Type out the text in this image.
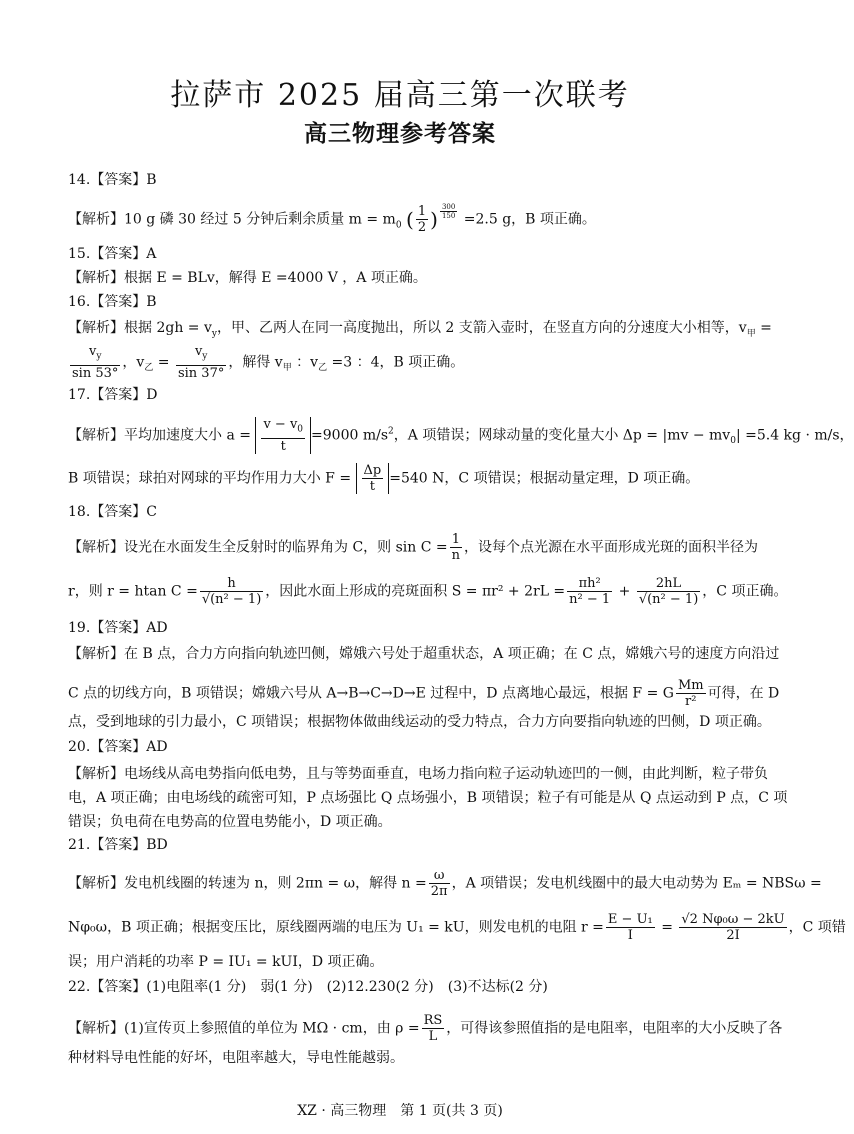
拉萨市 2025 届高三第一次联考
高三物理参考答案
14.【答案】B
【解析】10 g 磷 30 经过 5 分钟后剩余质量 $m = m_0$ ( $\frac{1}{2}$ ) $\frac{300}{150} =2.5$ g，B 项正确。
15.【答案】A
【解析】根据 E = BLv，解得 E =4000 V ，A 项正确。
16.【答案】B
【解析】根据 $2gh = v_y$，甲、乙两人在同一高度抛出，所以 2 支箭入壶时，在竖直方向的分速度大小相等，$v_甲$ =
$\frac{v_y}{\sin 53^\circ}$ ，$v_乙 = \frac{v_y}{\sin 37^\circ}$ ，解得 $v_甲$ ：$v_乙 =3$ ：4，B 项正确。
17.【答案】D
【解析】平均加速度大小 $a = \frac{v - v_0}{t} =9000$ $m/s^2$，A 项错误；网球动量的变化量大小 $\Delta p = |mv - mv_0| =5.4$ kg · m/s，
B 项错误；球拍对网球的平均作用力大小 $F = \frac{\Delta p}{t} =540$ N，C 项错误；根据动量定理，D 项正确。
18.【答案】C
【解析】设光在水面发生全反射时的临界角为 C，则 $\sin C = \frac{1}{n}$ ，设每个点光源在水平面形成光斑的面积半径为
r，则 r = htan $C = \frac{h}{\text{√(n² − 1)}}$ ，因此水面上形成的亮斑面积 $S = \pi r^2 + 2rL = \frac{\text{πh²}}{\text{n² − 1}} + \frac{2hL}{\text{√(n² − 1)}}$ ，C 项正确。
19.【答案】AD
【解析】在 B 点，合力方向指向轨迹凹侧，嫦娥六号处于超重状态，A 项正确；在 C 点，嫦娥六号的速度方向沿过
C 点的切线方向，B 项错误；嫦娥六号从 A→B→C→D→E 过程中，D 点离地心最远，根据 F = G $\frac{Mm}{\text{r²}}$ 可得，在 D
点，受到地球的引力最小，C 项错误；根据物体做曲线运动的受力特点，合力方向要指向轨迹的凹侧，D 项正确。
20.【答案】AD
【解析】电场线从高电势指向低电势，且与等势面垂直，电场力指向粒子运动轨迹凹的一侧，由此判断，粒子带负
电，A 项正确；由电场线的疏密可知，P 点场强比 Q 点场强小，B 项错误；粒子有可能是从 Q 点运动到 P 点，C 项
错误；负电荷在电势高的位置电势能小，D 项正确。
21.【答案】BD
【解析】发电机线圈的转速为 n，则 2πn = ω，解得 $n = \frac{\omega}{2\pi}$ ，A 项错误；发电机线圈中的最大电动势为 Eₘ = NBSω =
Nφ₀ω，B 项正确；根据变压比，原线圈两端的电压为 U₁ = kU，则发电机的电阻 $r = \frac{\text{E − U₁}}{I} = \frac{\text{√2 Nφ₀ω − 2kU}}{2I}$ ，C 项错
误；用户消耗的功率 P = IU₁ = kUI，D 项正确。
22.【答案】(1)电阻率(1 分)　弱(1 分)　(2)12.230(2 分)　(3)不达标(2 分)
【解析】(1)宣传页上参照值的单位为 MΩ · cm，由 $\rho = \frac{RS}{L}$ ，可得该参照值指的是电阻率，电阻率的大小反映了各
种材料导电性能的好坏，电阻率越大，导电性能越弱。
XZ · 高三物理　第 1 页(共 3 页)
